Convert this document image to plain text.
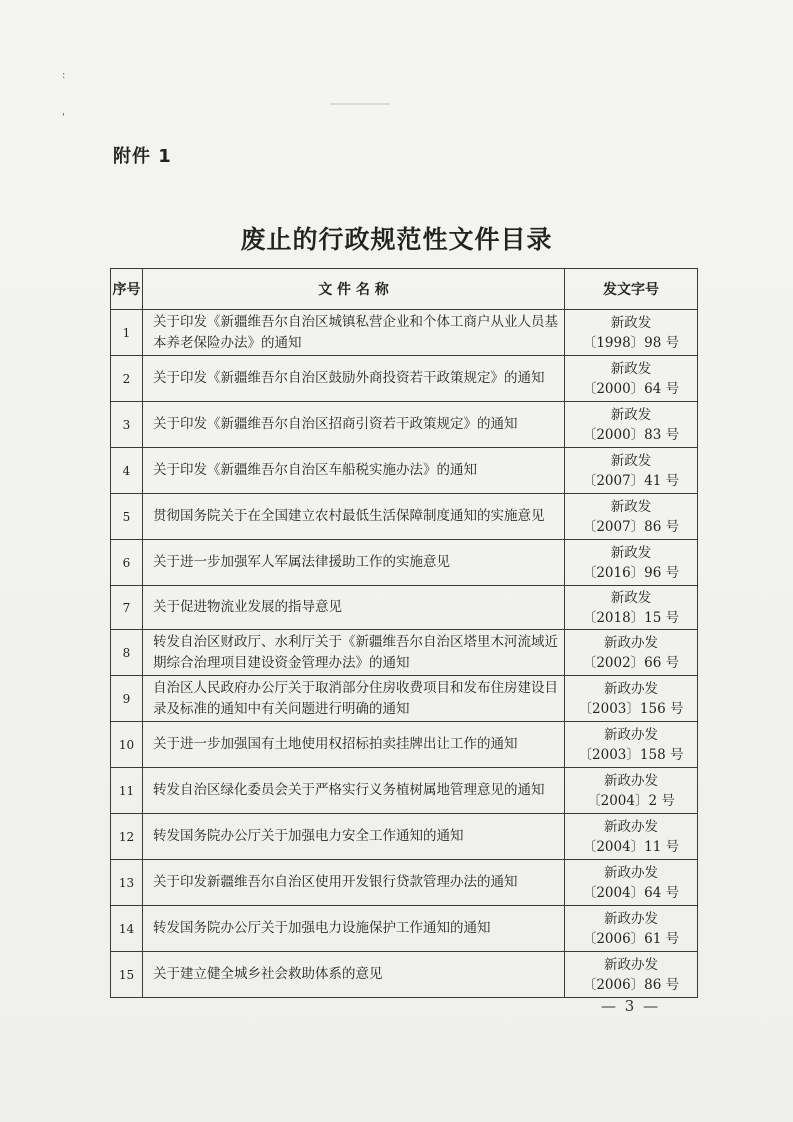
:
'
附件 1
废止的行政规范性文件目录
序号	文 件 名 称	发文字号
1	关于印发《新疆维吾尔自治区城镇私营企业和个体工商户从业人员基本养老保险办法》的通知	新政发
〔1998〕98 号

2	关于印发《新疆维吾尔自治区鼓励外商投资若干政策规定》的通知	新政发
〔2000〕64 号

3	关于印发《新疆维吾尔自治区招商引资若干政策规定》的通知	新政发
〔2000〕83 号

4	关于印发《新疆维吾尔自治区车船税实施办法》的通知	新政发
〔2007〕41 号

5	贯彻国务院关于在全国建立农村最低生活保障制度通知的实施意见	新政发
〔2007〕86 号

6	关于进一步加强军人军属法律援助工作的实施意见	新政发
〔2016〕96 号

7	关于促进物流业发展的指导意见	新政发
〔2018〕15 号

8	转发自治区财政厅、水利厅关于《新疆维吾尔自治区塔里木河流域近期综合治理项目建设资金管理办法》的通知	新政办发
〔2002〕66 号

9	自治区人民政府办公厅关于取消部分住房收费项目和发布住房建设目录及标准的通知中有关问题进行明确的通知	新政办发
〔2003〕156 号

10	关于进一步加强国有土地使用权招标拍卖挂牌出让工作的通知	新政办发
〔2003〕158 号

11	转发自治区绿化委员会关于严格实行义务植树属地管理意见的通知	新政办发
〔2004〕2 号

12	转发国务院办公厅关于加强电力安全工作通知的通知	新政办发
〔2004〕11 号

13	关于印发新疆维吾尔自治区使用开发银行贷款管理办法的通知	新政办发
〔2004〕64 号

14	转发国务院办公厅关于加强电力设施保护工作通知的通知	新政办发
〔2006〕61 号

15	关于建立健全城乡社会救助体系的意见	新政办发
〔2006〕86 号
— 3 —
